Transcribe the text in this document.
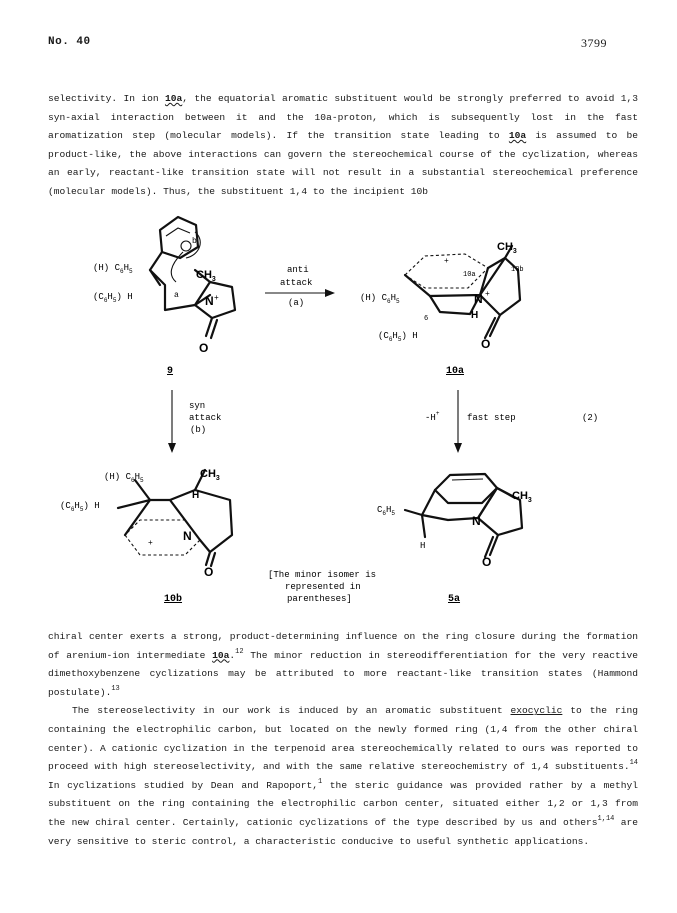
No. 40	3799

selectivity. In ion 10a, the equatorial aromatic substituent would be strongly preferred to avoid 1,3 syn-axial interaction between it and the 10a-proton, which is subsequently lost in the fast aromatization step (molecular models). If the transition state leading to 10a is assumed to be product-like, the above interactions can govern the stereochemical course of the cyclization, whereas an early, reactant-like transition state will not result in a substantial stereochemical preference (molecular models). Thus, the substituent 1,4 to the incipient 10b

N +
O
$CH_3$
a
b
(H) $C_6H_5$
$(C_6H_5)$ H
anti
attack
(a)
$CH_3$
N +
H
O
+
10a
10b
6
(H) $C_6H_5$
$(C_6H_5)$ H
9	10a
syn
attack
(b)
-H+	fast step	(2)
$CH_3$
H
N
+
O
(H) $C_6H_5$
$(C_6H_5)$ H
$CH_3$
N
O
H
$C_6H_5$
[The minor isomer is
represented in
parentheses]
10b	5a

chiral center exerts a strong, product-determining influence on the ring closure during the formation of arenium-ion intermediate 10a.$^{12}$ The minor reduction in stereodifferentiation for the very reactive dimethoxybenzene cyclizations may be attributed to more reactant-like transition states (Hammond postulate).$^{13}$

The stereoselectivity in our work is induced by an aromatic substituent exocyclic to the ring containing the electrophilic carbon, but located on the newly formed ring (1,4 from the other chiral center). A cationic cyclization in the terpenoid area stereochemically related to ours was reported to proceed with high stereoselectivity, and with the same relative stereochemistry of 1,4 substituents.$^{14}$ In cyclizations studied by Dean and Rapoport,$^1$ the steric guidance was provided rather by a methyl substituent on the ring containing the electrophilic carbon center, situated either 1,2 or 1,3 from the new chiral center. Certainly, cationic cyclizations of the type described by us and others$^{1,14}$ are very sensitive to steric control, a characteristic conducive to useful synthetic applications.
